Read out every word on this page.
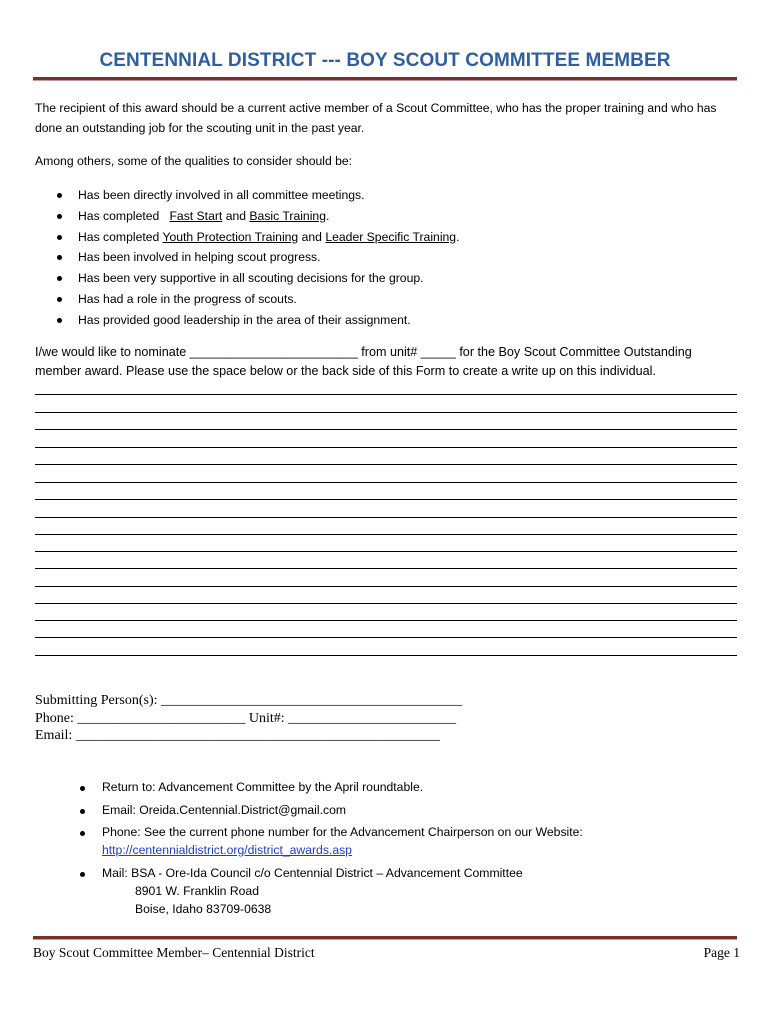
CENTENNIAL DISTRICT --- BOY SCOUT COMMITTEE MEMBER
The recipient of this award should be a current active member of a Scout Committee, who has the proper training and who has done an outstanding job for the scouting unit in the past year.
Among others, some of the qualities to consider should be:
Has been directly involved in all committee meetings.
Has completed Fast Start and Basic Training.
Has completed Youth Protection Training and Leader Specific Training.
Has been involved in helping scout progress.
Has been very supportive in all scouting decisions for the group.
Has had a role in the progress of scouts.
Has provided good leadership in the area of their assignment.
I/we would like to nominate ________________________ from unit# _____ for the Boy Scout Committee Outstanding member award. Please use the space below or the back side of this Form to create a write up on this individual.
Submitting Person(s): ___________________________________________
Phone: ________________________ Unit#: ________________________
Email: ____________________________________________________
Return to: Advancement Committee by the April roundtable.
Email: Oreida.Centennial.District@gmail.com
Phone: See the current phone number for the Advancement Chairperson on our Website:
http://centennialdistrict.org/district_awards.asp
Mail: BSA - Ore-Ida Council c/o Centennial District – Advancement Committee
8901 W. Franklin Road
Boise, Idaho 83709-0638
Boy Scout Committee Member– Centennial District	Page 1
